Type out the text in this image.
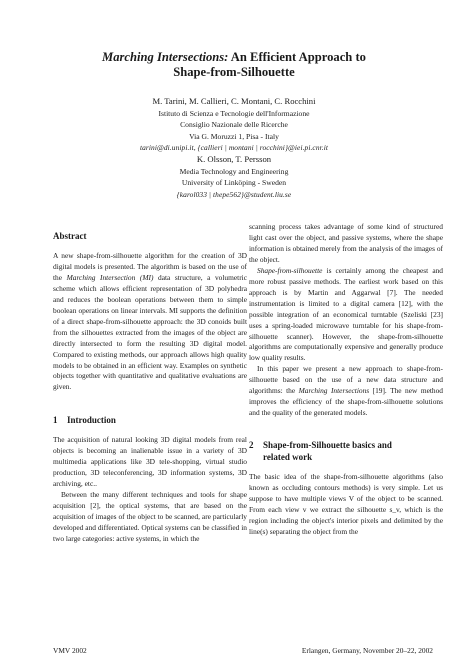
Marching Intersections: An Efficient Approach to
Shape-from-Silhouette

M. Tarini, M. Callieri, C. Montani, C. Rocchini
Istituto di Scienza e Tecnologie dell'Informazione
Consiglio Nazionale delle Ricerche
Via G. Moruzzi 1, Pisa - Italy
tarini@di.unipi.it, {callieri | montani | rocchini}@iei.pi.cnr.it
K. Olsson, T. Persson
Media Technology and Engineering
University of Linköping - Sweden
{karol033 | thepe562}@student.liu.se
Abstract

A new shape-from-silhouette algorithm for the creation of 3D digital models is presented. The algorithm is based on the use of the Marching Intersection (MI) data structure, a volumetric scheme which allows efficient representation of 3D polyhedra and reduces the boolean operations between them to simple boolean operations on linear intervals. MI supports the definition of a direct shape-from-silhouette approach: the 3D conoids built from the silhouettes extracted from the images of the object are directly intersected to form the resulting 3D digital model. Compared to existing methods, our approach allows high quality models to be obtained in an efficient way. Examples on synthetic objects together with quantitative and qualitative evaluations are given.

1 Introduction

The acquisition of natural looking 3D digital models from real objects is becoming an inalienable issue in a variety of 3D multimedia applications like 3D tele-shopping, virtual studio production, 3D teleconferencing, 3D information systems, 3D archiving, etc..

Between the many different techniques and tools for shape acquisition [2], the optical systems, that are based on the acquisition of images of the object to be scanned, are particularly developed and differentiated. Optical systems can be classified in two large categories: active systems, in which the

scanning process takes advantage of some kind of structured light cast over the object, and passive systems, where the shape information is obtained merely from the analysis of the images of the object.

Shape-from-silhouette is certainly among the cheapest and more robust passive methods. The earliest work based on this approach is by Martin and Aggarwal [7]. The needed instrumentation is limited to a digital camera [12], with the possible integration of an economical turntable (Szeliski [23] uses a spring-loaded microwave turntable for his shape-from-silhouette scanner). However, the shape-from-silhouette algorithms are computationally expensive and generally produce low quality results.

In this paper we present a new approach to shape-from-silhouette based on the use of a new data structure and algorithms: the Marching Intersections [19]. The new method improves the efficiency of the shape-from-silhouette solutions and the quality of the generated models.

2 Shape-from-Silhouette basics and
related work

The basic idea of the shape-from-silhouette algorithms (also known as occluding contours methods) is very simple. Let us suppose to have multiple views V of the object to be scanned. From each view v we extract the silhouette s_v, which is the region including the object's interior pixels and delimited by the line(s) separating the object from the

VMV 2002	Erlangen, Germany, November 20–22, 2002
